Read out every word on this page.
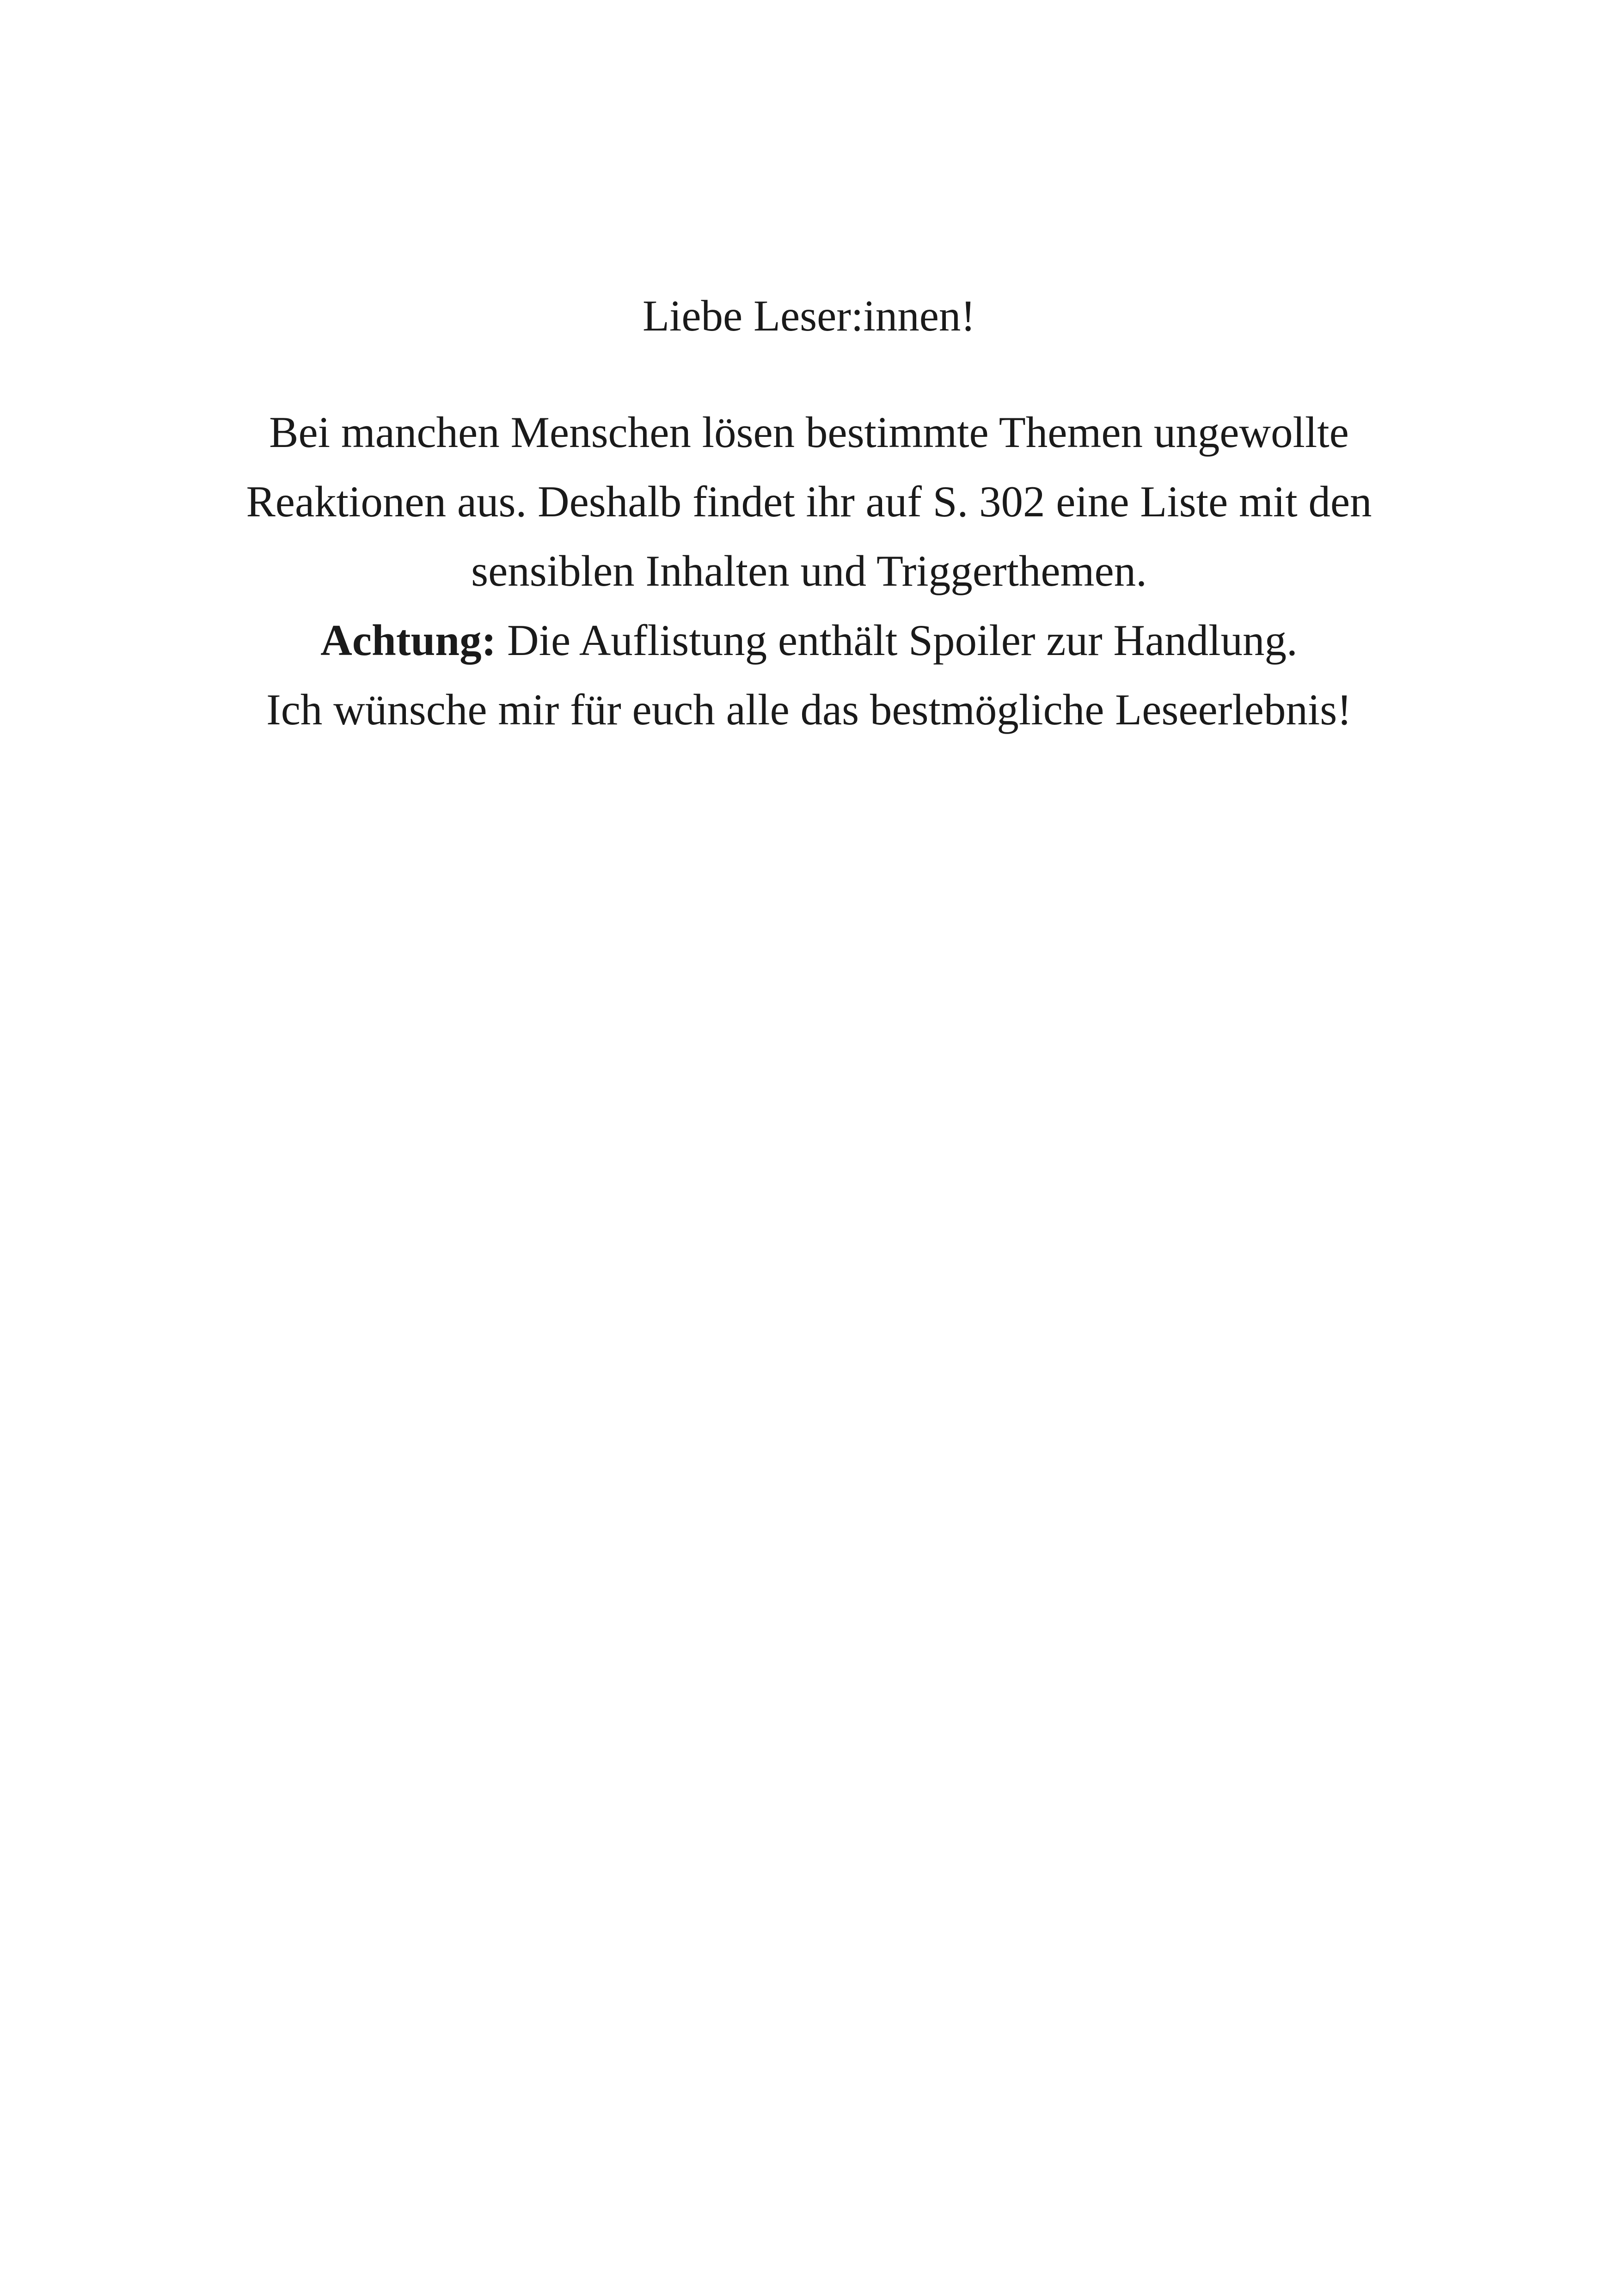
Liebe Leser:innen!

Bei manchen Menschen lösen bestimmte Themen ungewollte
Reaktionen aus. Deshalb findet ihr auf S. 302 eine Liste mit den
sensiblen Inhalten und Triggerthemen.
Achtung: Die Auflistung enthält Spoiler zur Handlung.
Ich wünsche mir für euch alle das bestmögliche Leseerlebnis!
